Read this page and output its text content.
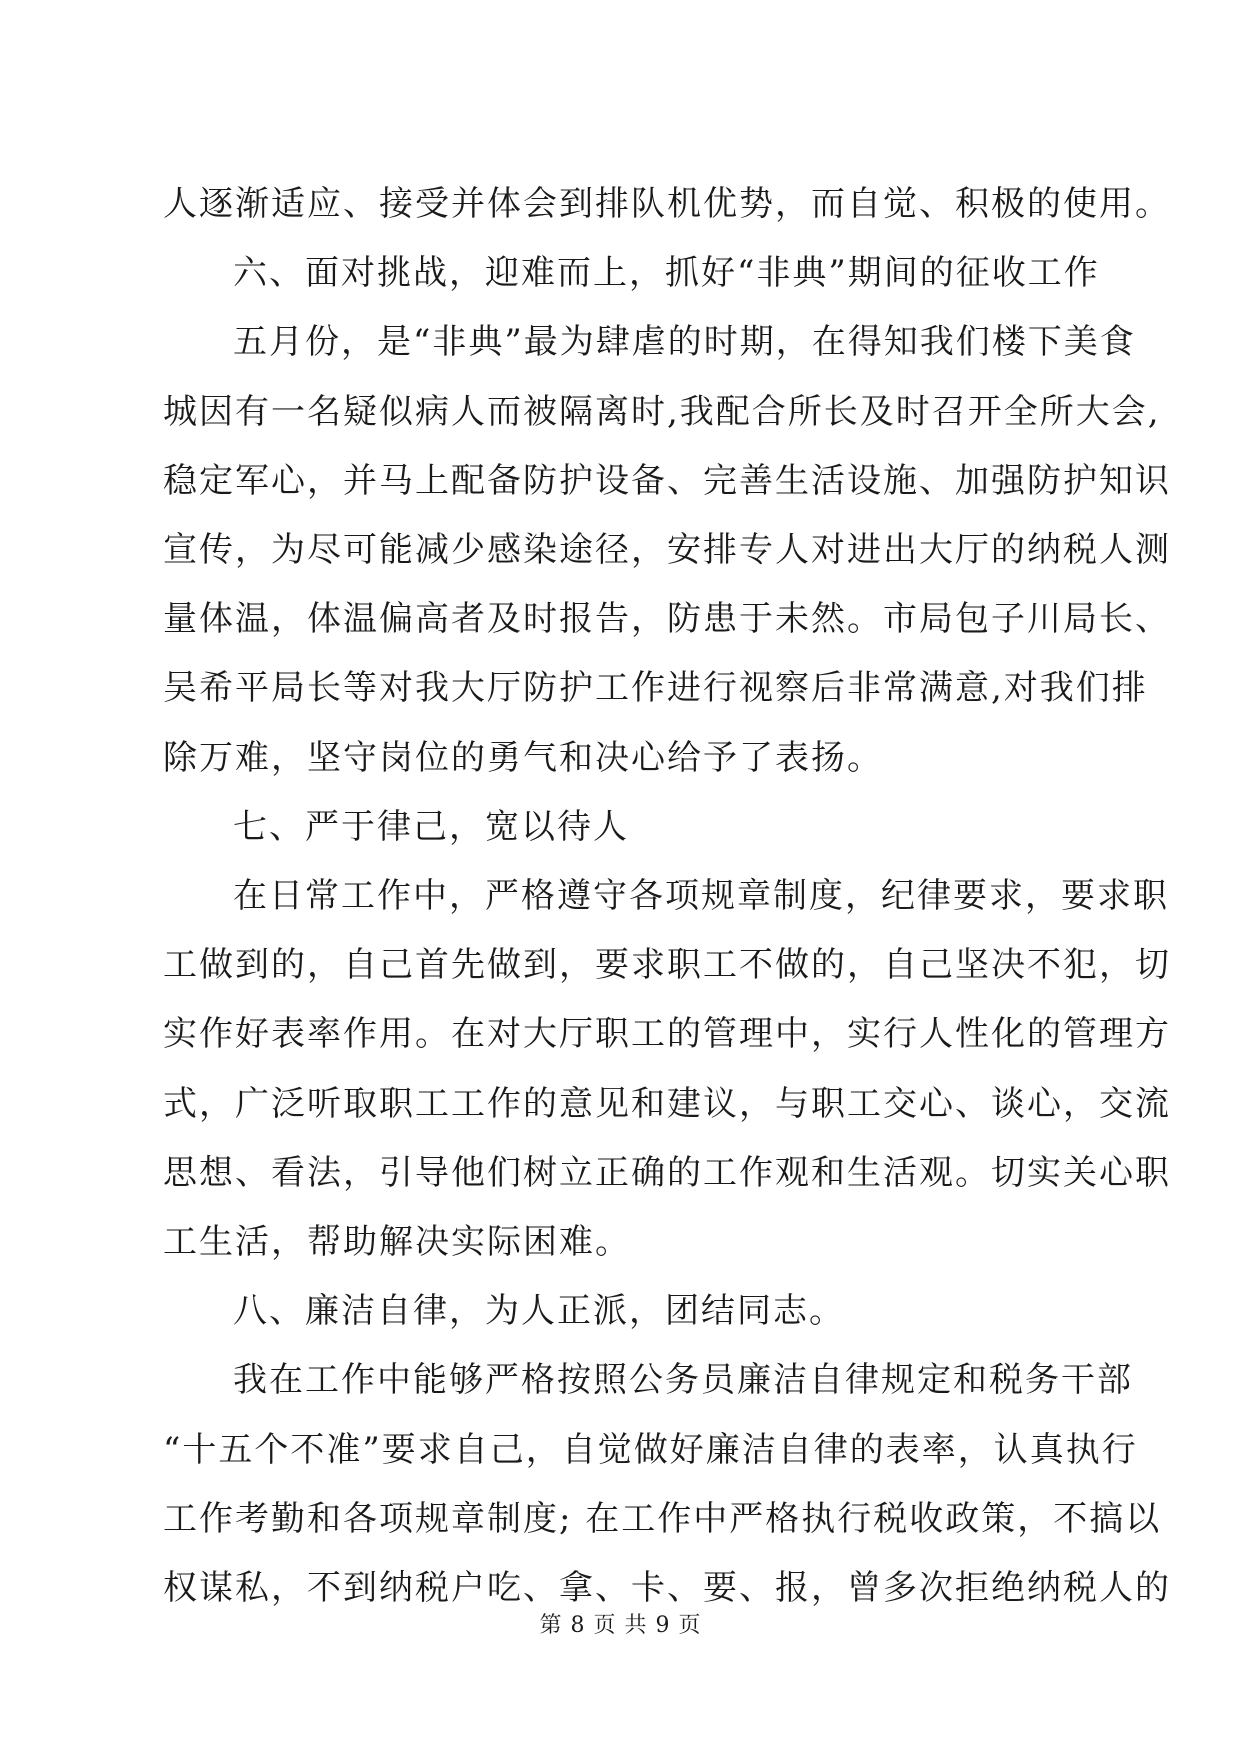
人逐渐适应、接受并体会到排队机优势，而自觉、积极的使用。
六、面对挑战，迎难而上，抓好“非典”期间的征收工作
五月份，是“非典”最为肆虐的时期，在得知我们楼下美食
城因有一名疑似病人而被隔离时,我配合所长及时召开全所大会,
稳定军心，并马上配备防护设备、完善生活设施、加强防护知识
宣传，为尽可能减少感染途径，安排专人对进出大厅的纳税人测
量体温，体温偏高者及时报告，防患于未然。市局包子川局长、
吴希平局长等对我大厅防护工作进行视察后非常满意,对我们排
除万难，坚守岗位的勇气和决心给予了表扬。
七、严于律己，宽以待人
在日常工作中，严格遵守各项规章制度，纪律要求，要求职
工做到的，自己首先做到，要求职工不做的，自己坚决不犯，切
实作好表率作用。在对大厅职工的管理中，实行人性化的管理方
式，广泛听取职工工作的意见和建议，与职工交心、谈心，交流
思想、看法，引导他们树立正确的工作观和生活观。切实关心职
工生活，帮助解决实际困难。
八、廉洁自律，为人正派，团结同志。
我在工作中能够严格按照公务员廉洁自律规定和税务干部
“十五个不准”要求自己，自觉做好廉洁自律的表率，认真执行
工作考勤和各项规章制度; 在工作中严格执行税收政策，不搞以
权谋私，不到纳税户吃、拿、卡、要、报，曾多次拒绝纳税人的
第 8 页 共 9 页
